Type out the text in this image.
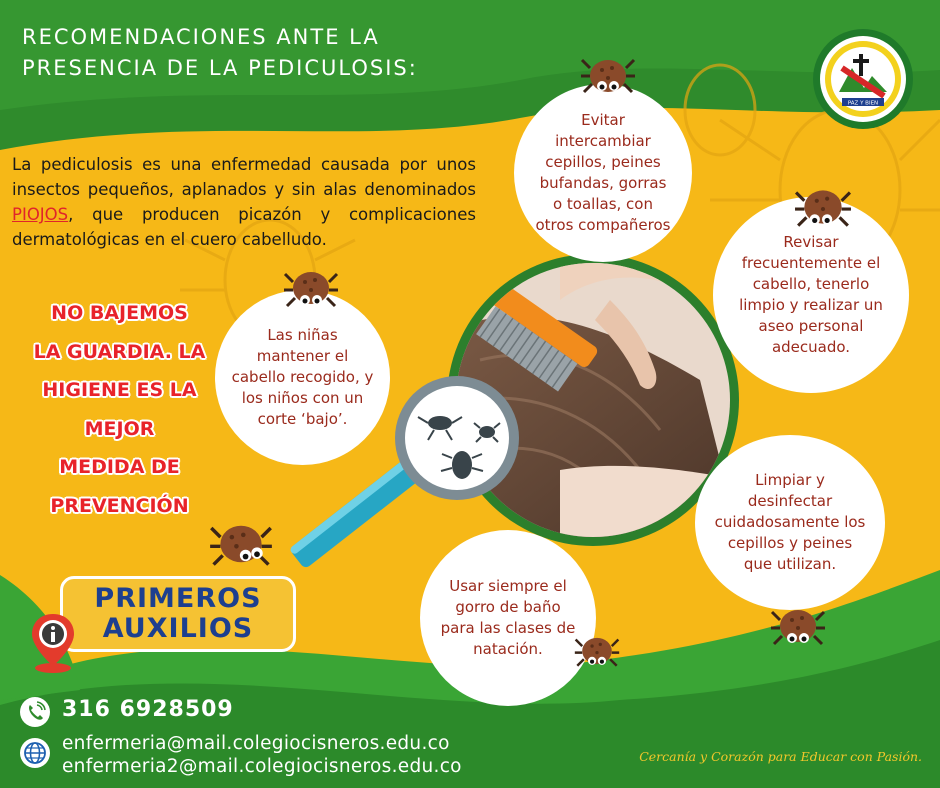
PAZ Y BIEN
RECOMENDACIONES ANTE LA
PRESENCIA DE LA PEDICULOSIS:

La pediculosis es una enfermedad causada por unos insectos pequeños, aplanados y sin alas denominados PIOJOS, que producen picazón y complicaciones dermatológicas en el cuero cabelludo.

NO BAJEMOS
LA GUARDIA. LA
HIGIENE ES LA
MEJOR
MEDIDA DE
PREVENCIÓN
Evitar intercambiar cepillos, peines bufandas, gorras o toallas, con otros compañeros
Revisar frecuentemente el cabello, tenerlo limpio y realizar un aseo personal adecuado.
Las niñas mantener el cabello recogido, y los niños con un corte ‘bajo’.
Limpiar y desinfectar cuidadosamente los cepillos y peines que utilizan.
Usar siempre el gorro de baño para las clases de natación.
PRIMEROS
AUXILIOS
316 6928509
enfermeria@mail.colegiocisneros.edu.co
enfermeria2@mail.colegiocisneros.edu.co	Cercanía y Corazón para Educar con Pasión.
